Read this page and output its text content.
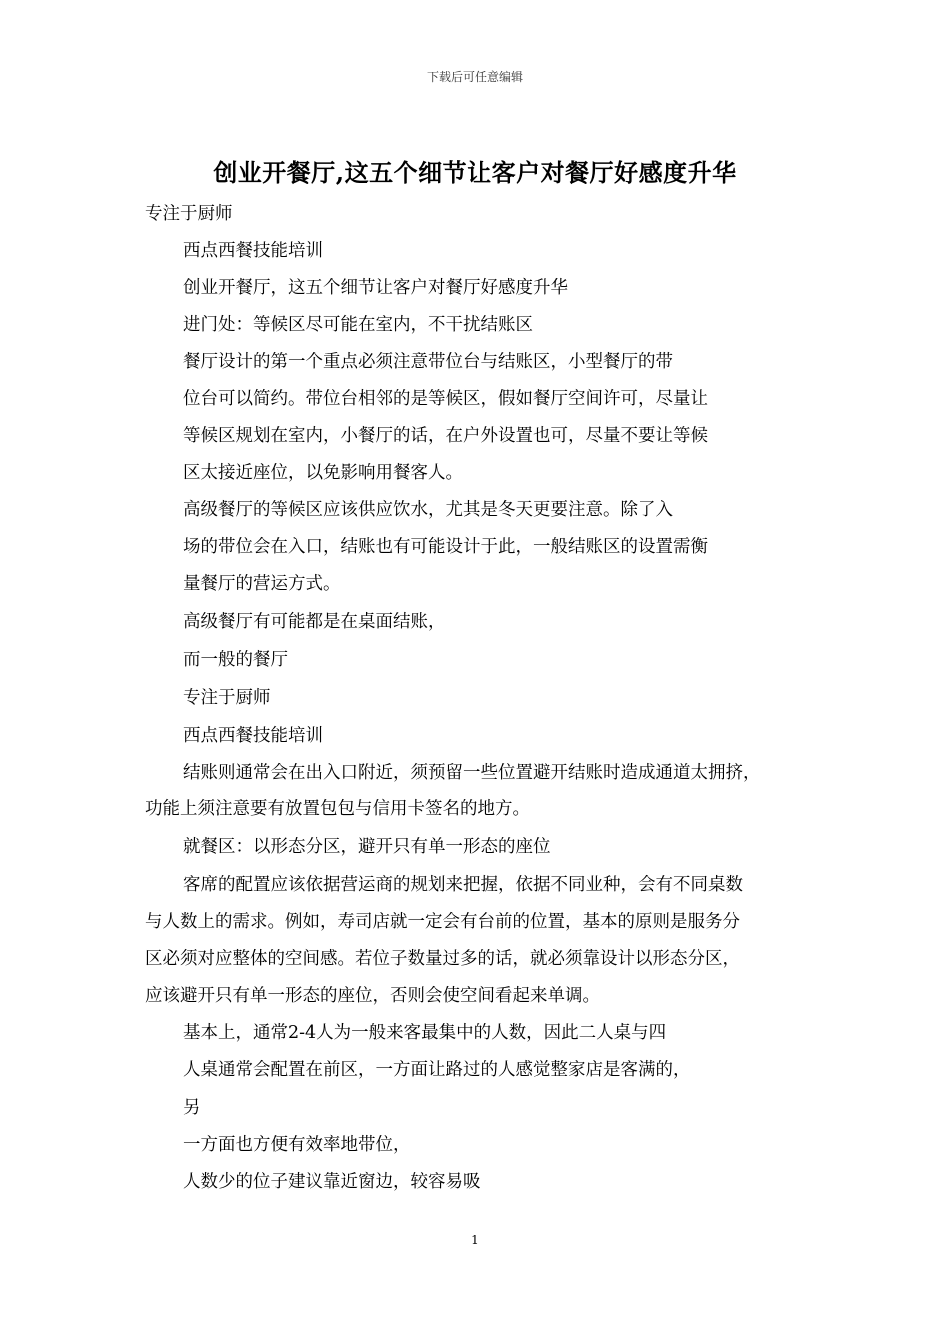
下载后可任意编辑
创业开餐厅,这五个细节让客户对餐厅好感度升华
专注于厨师
西点西餐技能培训
创业开餐厅，这五个细节让客户对餐厅好感度升华
进门处：等候区尽可能在室内，不干扰结账区
餐厅设计的第一个重点必须注意带位台与结账区，小型餐厅的带
位台可以简约。带位台相邻的是等候区，假如餐厅空间许可，尽量让
等候区规划在室内，小餐厅的话，在户外设置也可，尽量不要让等候
区太接近座位，以免影响用餐客人。
高级餐厅的等候区应该供应饮水，尤其是冬天更要注意。除了入
场的带位会在入口，结账也有可能设计于此，一般结账区的设置需衡
量餐厅的营运方式。
高级餐厅有可能都是在桌面结账，
而一般的餐厅
专注于厨师
西点西餐技能培训
结账则通常会在出入口附近，须预留一些位置避开结账时造成通道太拥挤，
功能上须注意要有放置包包与信用卡签名的地方。
就餐区：以形态分区，避开只有单一形态的座位
客席的配置应该依据营运商的规划来把握，依据不同业种，会有不同桌数
与人数上的需求。例如，寿司店就一定会有台前的位置，基本的原则是服务分
区必须对应整体的空间感。若位子数量过多的话，就必须靠设计以形态分区，
应该避开只有单一形态的座位，否则会使空间看起来单调。
基本上，通常2-4人为一般来客最集中的人数，因此二人桌与四
人桌通常会配置在前区，一方面让路过的人感觉整家店是客满的，
另
一方面也方便有效率地带位，
人数少的位子建议靠近窗边，较容易吸
1
